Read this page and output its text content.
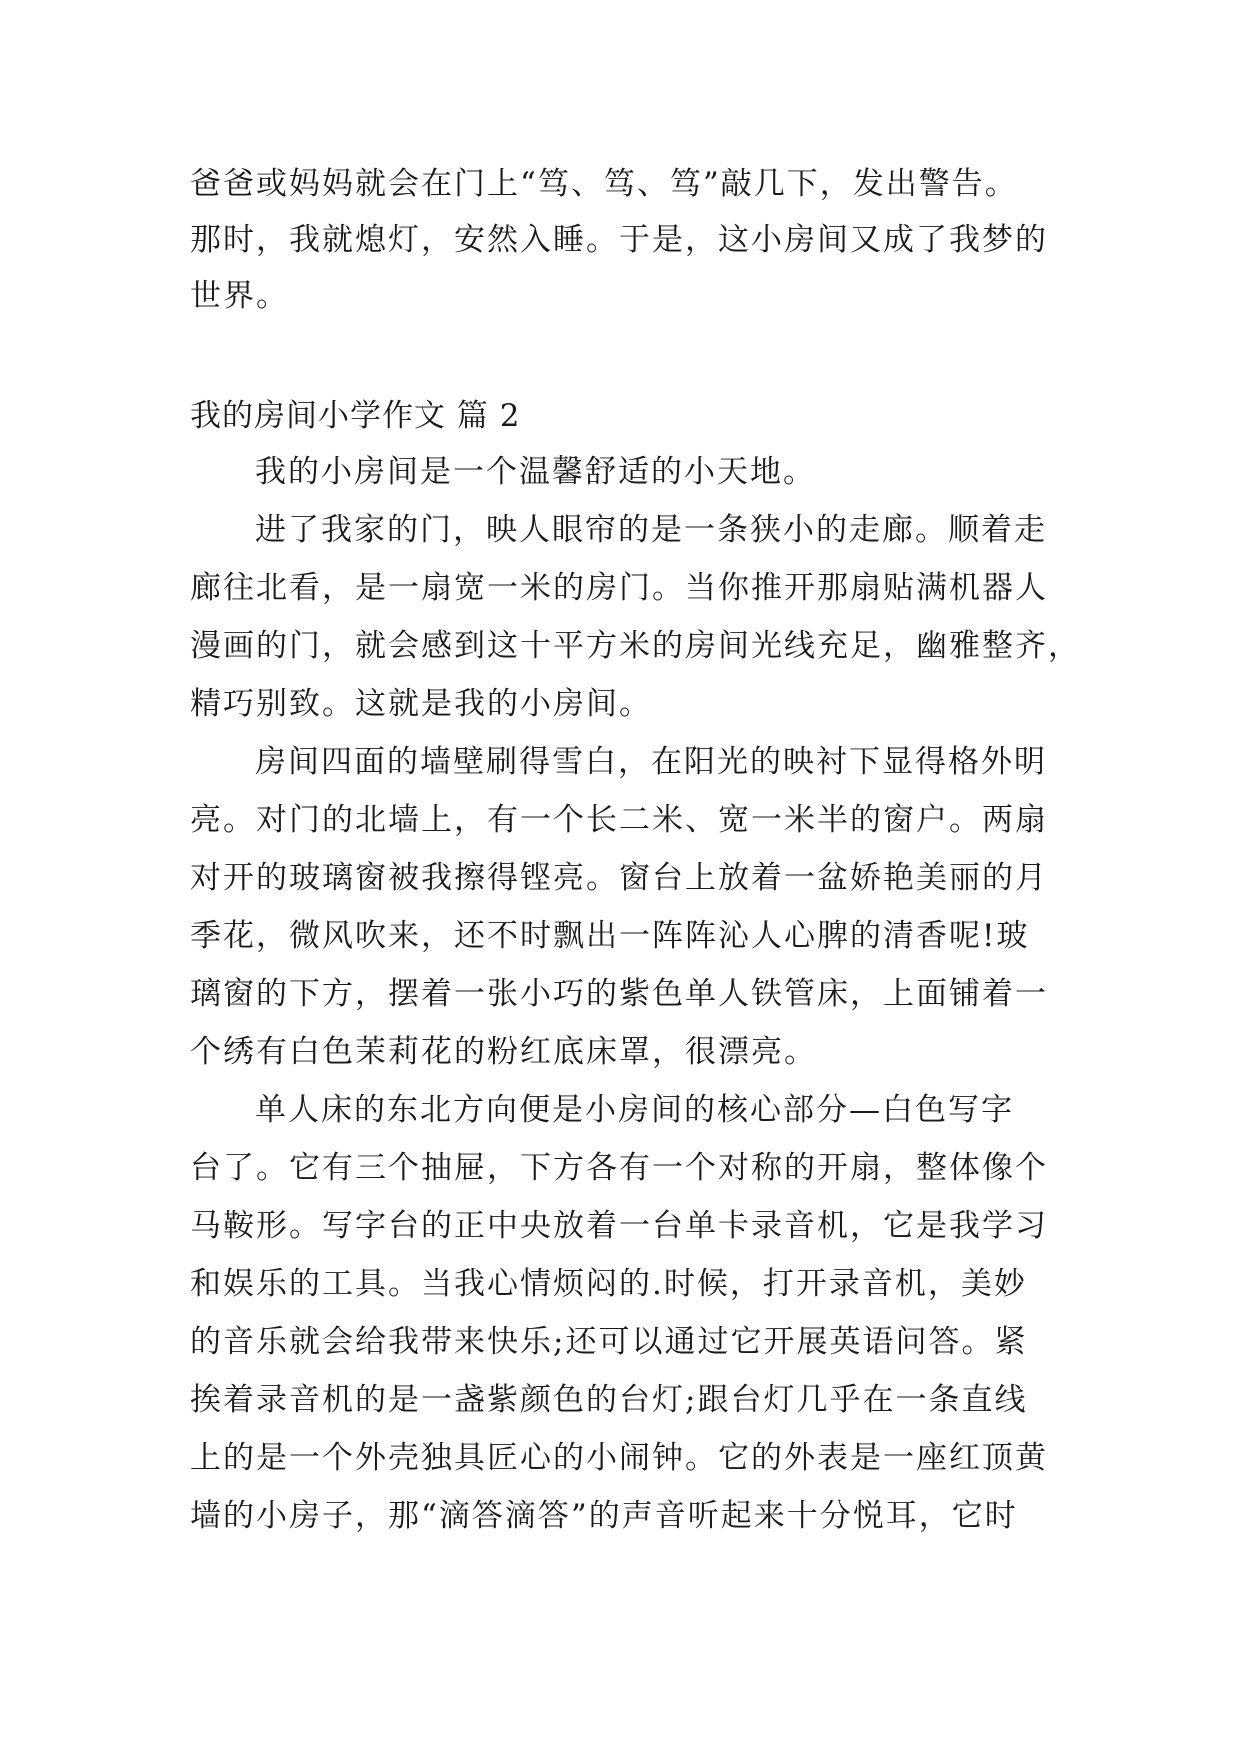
爸爸或妈妈就会在门上“笃、笃、笃”敲几下，发出警告。
那时，我就熄灯，安然入睡。于是，这小房间又成了我梦的
世界。
我的房间小学作文 篇 2
我的小房间是一个温馨舒适的小天地。
进了我家的门，映人眼帘的是一条狭小的走廊。顺着走
廊往北看，是一扇宽一米的房门。当你推开那扇贴满机器人
漫画的门，就会感到这十平方米的房间光线充足，幽雅整齐，
精巧别致。这就是我的小房间。
房间四面的墙壁刷得雪白，在阳光的映衬下显得格外明
亮。对门的北墙上，有一个长二米、宽一米半的窗户。两扇
对开的玻璃窗被我擦得铿亮。窗台上放着一盆娇艳美丽的月
季花，微风吹来，还不时飘出一阵阵沁人心脾的清香呢!玻
璃窗的下方，摆着一张小巧的紫色单人铁管床，上面铺着一
个绣有白色茉莉花的粉红底床罩，很漂亮。
单人床的东北方向便是小房间的核心部分—白色写字
台了。它有三个抽屉，下方各有一个对称的开扇，整体像个
马鞍形。写字台的正中央放着一台单卡录音机，它是我学习
和娱乐的工具。当我心情烦闷的.时候，打开录音机，美妙
的音乐就会给我带来快乐;还可以通过它开展英语问答。紧
挨着录音机的是一盏紫颜色的台灯;跟台灯几乎在一条直线
上的是一个外壳独具匠心的小闹钟。它的外表是一座红顶黄
墙的小房子，那“滴答滴答”的声音听起来十分悦耳，它时
